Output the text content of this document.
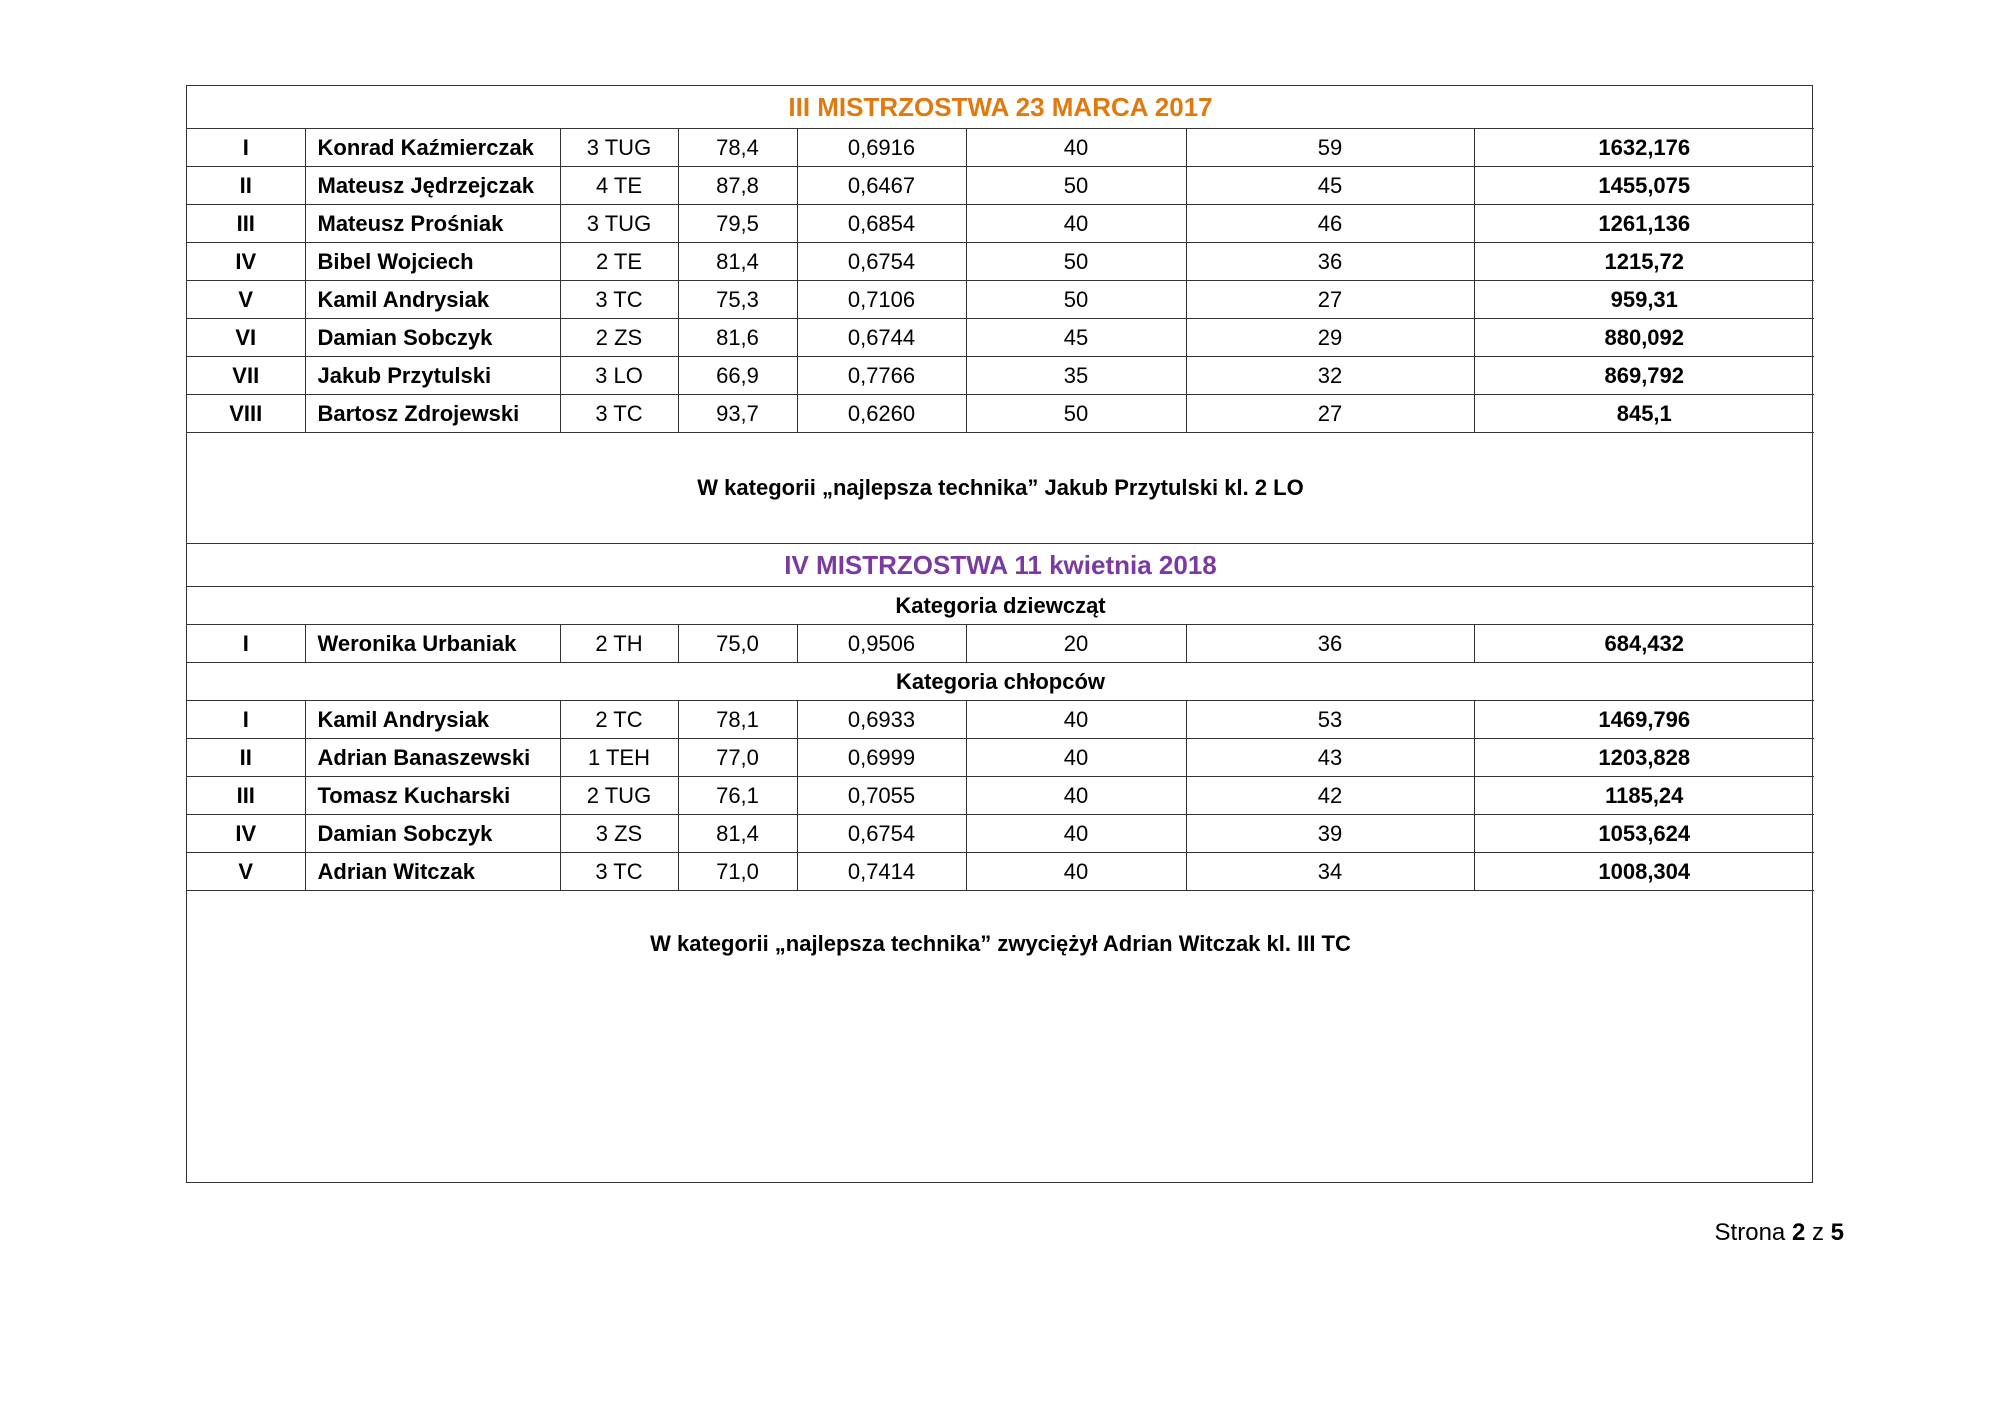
III MISTRZOSTWA 23 MARCA 2017							
I	Konrad Kaźmierczak	3 TUG	78,4	0,6916	40	59	1632,176
II	Mateusz Jędrzejczak	4 TE	87,8	0,6467	50	45	1455,075
III	Mateusz Prośniak	3 TUG	79,5	0,6854	40	46	1261,136
IV	Bibel Wojciech	2 TE	81,4	0,6754	50	36	1215,72
V	Kamil Andrysiak	3 TC	75,3	0,7106	50	27	959,31
VI	Damian Sobczyk	2 ZS	81,6	0,6744	45	29	880,092
VII	Jakub Przytulski	3 LO	66,9	0,7766	35	32	869,792
VIII	Bartosz Zdrojewski	3 TC	93,7	0,6260	50	27	845,1
W kategorii „najlepsza technika” Jakub Przytulski kl. 2 LO							
IV MISTRZOSTWA 11 kwietnia 2018							
Kategoria dziewcząt							
I	Weronika Urbaniak	2 TH	75,0	0,9506	20	36	684,432
Kategoria chłopców							
I	Kamil Andrysiak	2 TC	78,1	0,6933	40	53	1469,796
II	Adrian Banaszewski	1 TEH	77,0	0,6999	40	43	1203,828
III	Tomasz Kucharski	2 TUG	76,1	0,7055	40	42	1185,24
IV	Damian Sobczyk	3 ZS	81,4	0,6754	40	39	1053,624
V	Adrian Witczak	3 TC	71,0	0,7414	40	34	1008,304
W kategorii „najlepsza technika” zwyciężył Adrian Witczak kl. III TC							
Strona 2 z 5
